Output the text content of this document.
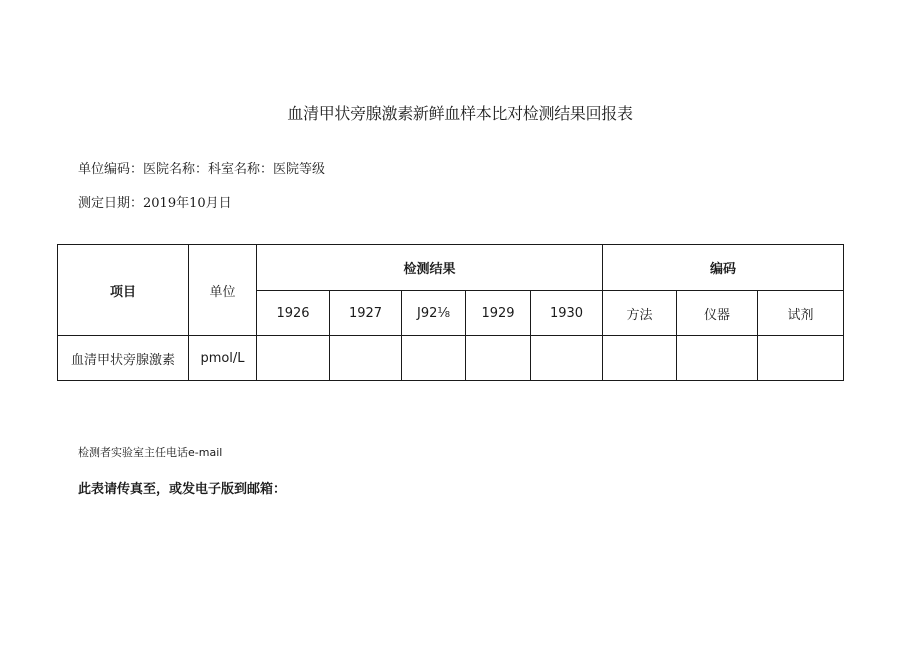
血清甲状旁腺激素新鲜血样本比对检测结果回报表
单位编码：医院名称：科室名称：医院等级
测定日期：2019年10月日
项目	单位	检测结果					编码		
		1926	1927	J92⅛	1929	1930	方法	仪器	试剂
血清甲状旁腺激素	pmol/L								
检测者实验室主任电话e-mail
此表请传真至，或发电子版到邮箱：
